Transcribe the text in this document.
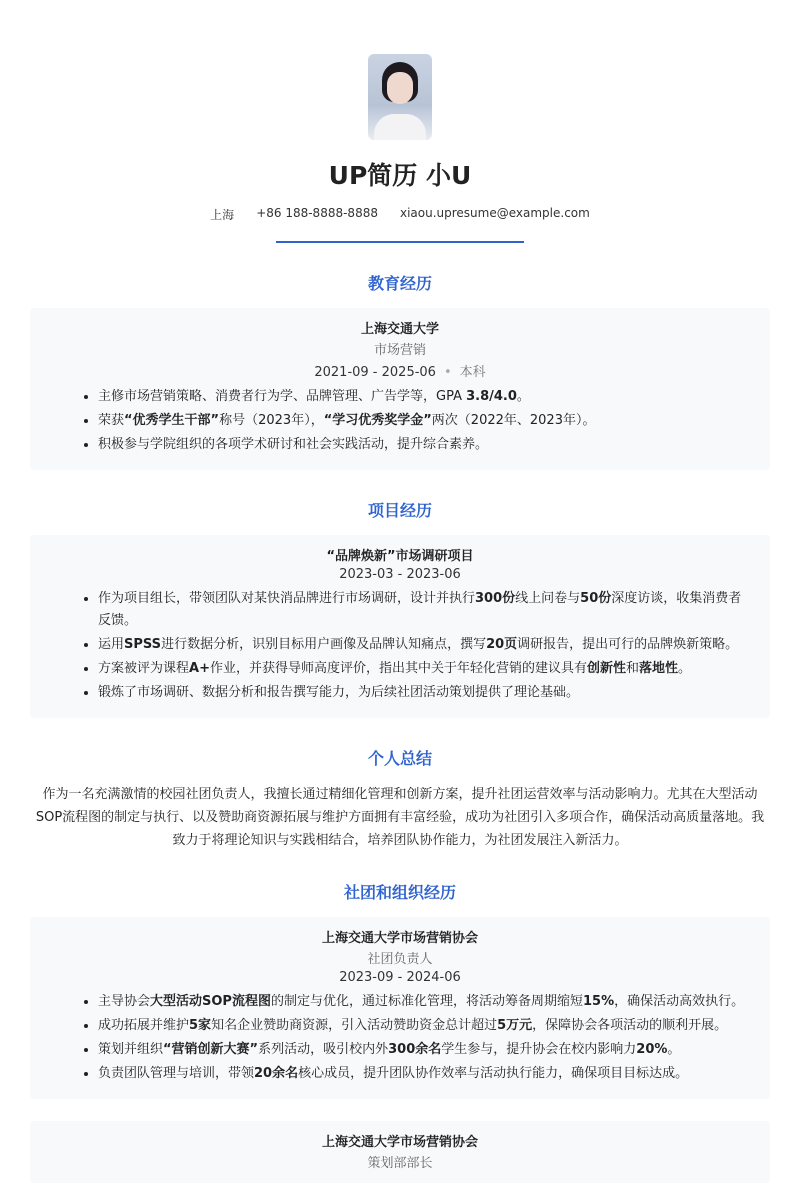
UP简历 小U
上海 +86 188-8888-8888 xiaou.upresume@example.com
教育经历
上海交通大学
市场营销
2021-09 - 2025-06 • 本科
• 主修市场营销策略、消费者行为学、品牌管理、广告学等，GPA 3.8/4.0。
• 荣获“优秀学生干部”称号（2023年），“学习优秀奖学金”两次（2022年、2023年）。
• 积极参与学院组织的各项学术研讨和社会实践活动，提升综合素养。
项目经历
“品牌焕新”市场调研项目
2023-03 - 2023-06
• 作为项目组长，带领团队对某快消品牌进行市场调研，设计并执行300份线上问卷与50份深度访谈，收集消费者反馈。
• 运用SPSS进行数据分析，识别目标用户画像及品牌认知痛点，撰写20页调研报告，提出可行的品牌焕新策略。
• 方案被评为课程A+作业，并获得导师高度评价，指出其中关于年轻化营销的建议具有创新性和落地性。
• 锻炼了市场调研、数据分析和报告撰写能力，为后续社团活动策划提供了理论基础。
个人总结
作为一名充满激情的校园社团负责人，我擅长通过精细化管理和创新方案，提升社团运营效率与活动影响力。尤其在大型活动SOP流程图的制定与执行、以及赞助商资源拓展与维护方面拥有丰富经验，成功为社团引入多项合作，确保活动高质量落地。我致力于将理论知识与实践相结合，培养团队协作能力，为社团发展注入新活力。
社团和组织经历
上海交通大学市场营销协会
社团负责人
2023-09 - 2024-06
• 主导协会大型活动SOP流程图的制定与优化，通过标准化管理，将活动筹备周期缩短15%，确保活动高效执行。
• 成功拓展并维护5家知名企业赞助商资源，引入活动赞助资金总计超过5万元，保障协会各项活动的顺利开展。
• 策划并组织“营销创新大赛”系列活动，吸引校内外300余名学生参与，提升协会在校内影响力20%。
• 负责团队管理与培训，带领20余名核心成员，提升团队协作效率与活动执行能力，确保项目目标达成。
上海交通大学市场营销协会
策划部部长
